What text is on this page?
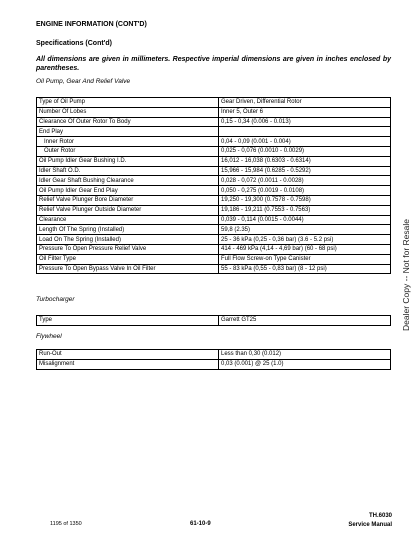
ENGINE INFORMATION (CONT'D)
Specifications (Cont'd)
All dimensions are given in millimeters. Respective imperial dimensions are given in inches enclosed by parentheses.
Oil Pump, Gear And Relief Valve
Type of Oil Pump	Gear Driven, Differential Rotor
Number Of Lobes	Inner 5, Outer 6
Clearance Of Outer Rotor To Body	0,15 - 0,34 (0.006 - 0.013)
End Play	
Inner Rotor	0,04 - 0,09 (0.001 - 0.004)
Outer Rotor	0,025 - 0,076 (0.0010 - 0.0029)
Oil Pump Idler Gear Bushing I.D.	16,012 - 16,038 (0.6303 - 0.6314)
Idler Shaft O.D.	15,966 - 15,984 (0.6285 - 0.5292)
Idler Gear Shaft Bushing Clearance	0,028 - 0,072 (0.0011 - 0.0028)
Oil Pump Idler Gear End Play	0,050 - 0,275 (0.0019 - 0.0108)
Relief Valve Plunger Bore Diameter	19,250 - 19,300 (0.7578 - 0.7598)
Relief Valve Plunger Outside Diameter	19,186 - 19,211 (0.7553 - 0.7563)
Clearance	0,039 - 0,114 (0.0015 - 0.0044)
Length Of The Spring (Installed)	59,8 (2.35)
Load On The Spring (Installed)	25 - 36 kPa (0,25 - 0,36 bar) (3.6 - 5.2 psi)
Pressure To Open Pressure Relief Valve	414 - 469 kPa (4,14 - 4,69 bar) (60 - 68 psi)
Oil Filter Type	Full Flow Screw-on Type Canister
Pressure To Open Bypass Valve In Oil Filter	55 - 83 kPa (0,55 - 0,83 bar) (8 - 12 psi)
Turbocharger
Type	Garrett GT25
Flywheel
Run-Out	Less than 0,30 (0.012)
Misalignment	0,03 (0.001) @ 25 (1.0)
Dealer Copy -- Not for Resale
1195 of 1350	61-10-9
TH.6030
Service Manual
